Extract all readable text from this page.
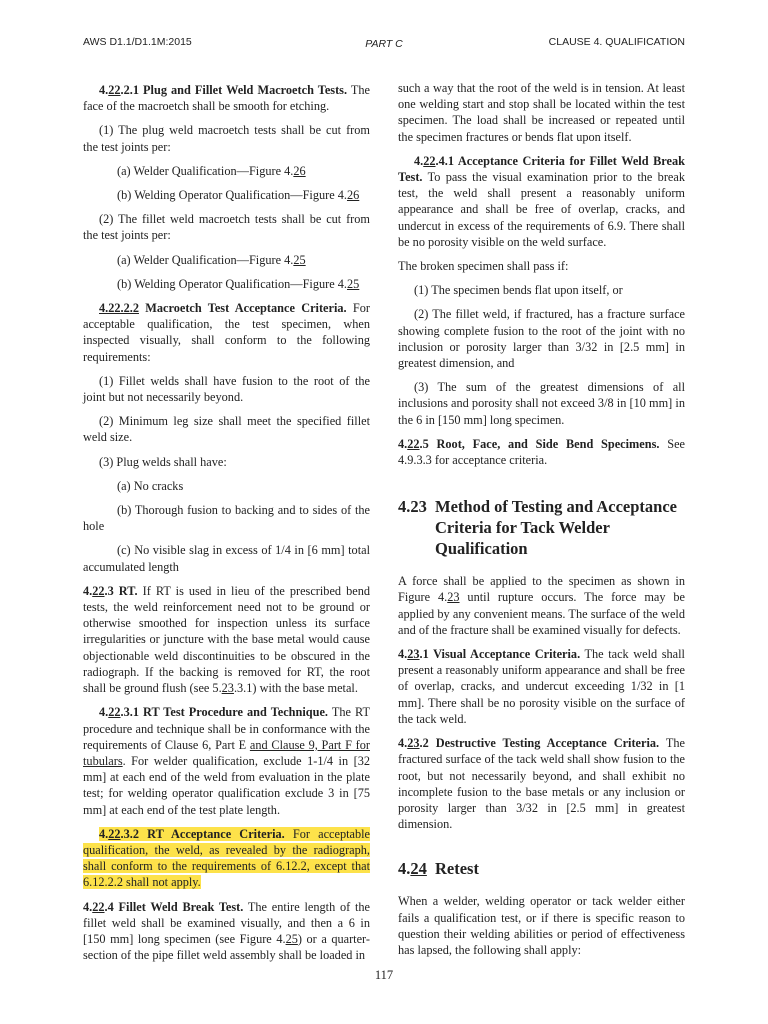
AWS D1.1/D1.1M:2015	PART C	CLAUSE 4. QUALIFICATION

4.22.2.1 Plug and Fillet Weld Macroetch Tests. The face of the macroetch shall be smooth for etching.

(1) The plug weld macroetch tests shall be cut from the test joints per:

(a) Welder Qualification—Figure 4.26

(b) Welding Operator Qualification—Figure 4.26

(2) The fillet weld macroetch tests shall be cut from the test joints per:

(a) Welder Qualification—Figure 4.25

(b) Welding Operator Qualification—Figure 4.25

4.22.2.2 Macroetch Test Acceptance Criteria. For acceptable qualification, the test specimen, when inspected visually, shall conform to the following requirements:

(1) Fillet welds shall have fusion to the root of the joint but not necessarily beyond.

(2) Minimum leg size shall meet the specified fillet weld size.

(3) Plug welds shall have:

(a) No cracks

(b) Thorough fusion to backing and to sides of the hole

(c) No visible slag in excess of 1/4 in [6 mm] total accumulated length

4.22.3 RT. If RT is used in lieu of the prescribed bend tests, the weld reinforcement need not to be ground or otherwise smoothed for inspection unless its surface irregularities or juncture with the base metal would cause objectionable weld discontinuities to be obscured in the radiograph. If the backing is removed for RT, the root shall be ground flush (see 5.23.3.1) with the base metal.

4.22.3.1 RT Test Procedure and Technique. The RT procedure and technique shall be in conformance with the requirements of Clause 6, Part E and Clause 9, Part F for tubulars. For welder qualification, exclude 1-1/4 in [32 mm] at each end of the weld from evaluation in the plate test; for welding operator qualification exclude 3 in [75 mm] at each end of the test plate length.

4.22.3.2 RT Acceptance Criteria. For acceptable qualification, the weld, as revealed by the radiograph, shall conform to the requirements of 6.12.2, except that 6.12.2.2 shall not apply.

4.22.4 Fillet Weld Break Test. The entire length of the fillet weld shall be examined visually, and then a 6 in [150 mm] long specimen (see Figure 4.25) or a quarter-section of the pipe fillet weld assembly shall be loaded in

such a way that the root of the weld is in tension. At least one welding start and stop shall be located within the test specimen. The load shall be increased or repeated until the specimen fractures or bends flat upon itself.

4.22.4.1 Acceptance Criteria for Fillet Weld Break Test. To pass the visual examination prior to the break test, the weld shall present a reasonably uniform appearance and shall be free of overlap, cracks, and undercut in excess of the requirements of 6.9. There shall be no porosity visible on the weld surface.

The broken specimen shall pass if:

(1) The specimen bends flat upon itself, or

(2) The fillet weld, if fractured, has a fracture surface showing complete fusion to the root of the joint with no inclusion or porosity larger than 3/32 in [2.5 mm] in greatest dimension, and

(3) The sum of the greatest dimensions of all inclusions and porosity shall not exceed 3/8 in [10 mm] in the 6 in [150 mm] long specimen.

4.22.5 Root, Face, and Side Bend Specimens. See 4.9.3.3 for acceptance criteria.

4.23 Method of Testing and Acceptance Criteria for Tack Welder Qualification

A force shall be applied to the specimen as shown in Figure 4.23 until rupture occurs. The force may be applied by any convenient means. The surface of the weld and of the fracture shall be examined visually for defects.

4.23.1 Visual Acceptance Criteria. The tack weld shall present a reasonably uniform appearance and shall be free of overlap, cracks, and undercut exceeding 1/32 in [1 mm]. There shall be no porosity visible on the surface of the tack weld.

4.23.2 Destructive Testing Acceptance Criteria. The fractured surface of the tack weld shall show fusion to the root, but not necessarily beyond, and shall exhibit no incomplete fusion to the base metals or any inclusion or porosity larger than 3/32 in [2.5 mm] in greatest dimension.

4.24 Retest

When a welder, welding operator or tack welder either fails a qualification test, or if there is specific reason to question their welding abilities or period of effectiveness has lapsed, the following shall apply:

117
